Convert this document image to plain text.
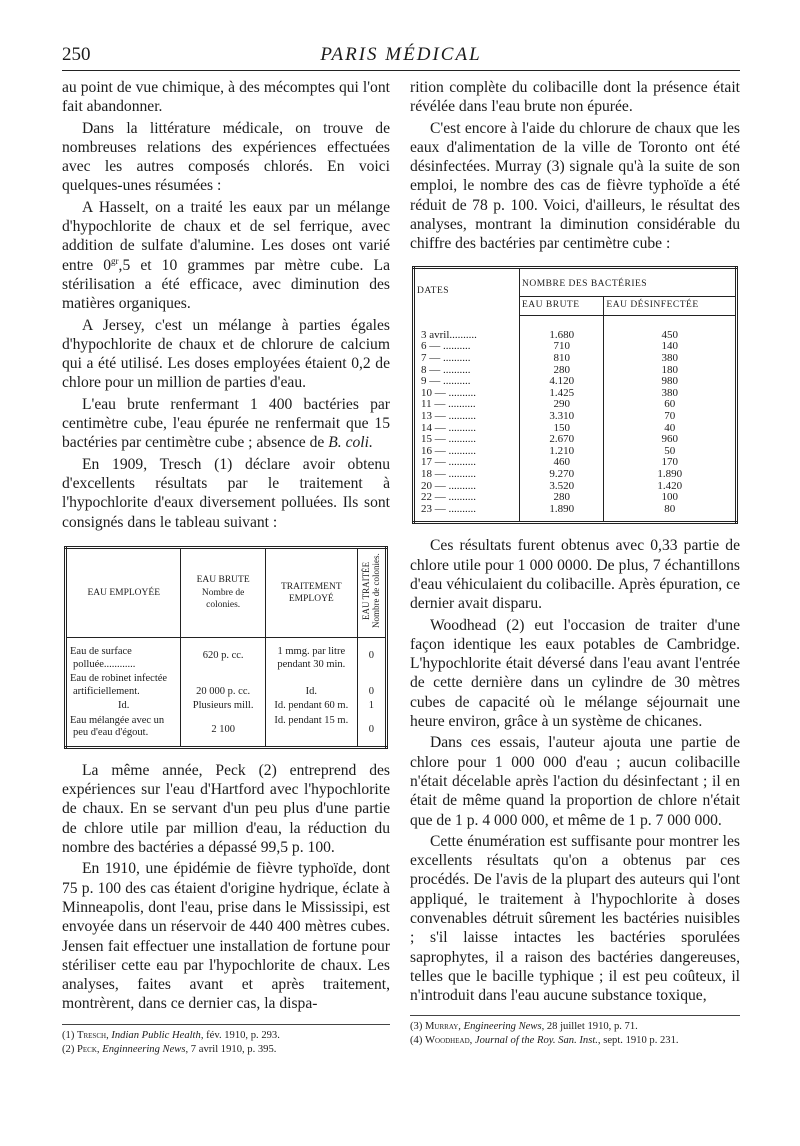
250	PARIS MÉDICAL

au point de vue chimique, à des mécomptes qui l'ont fait abandonner.

Dans la littérature médicale, on trouve de nombreuses relations des expériences effectuées avec les autres composés chlorés. En voici quelques-unes résumées :

A Hasselt, on a traité les eaux par un mélange d'hypochlorite de chaux et de sel ferrique, avec addition de sulfate d'alumine. Les doses ont varié entre $0^{gr},5$ et 10 grammes par mètre cube. La stérilisation a été efficace, avec diminution des matières organiques.

A Jersey, c'est un mélange à parties égales d'hypochlorite de chaux et de chlorure de calcium qui a été utilisé. Les doses employées étaient 0,2 de chlore pour un million de parties d'eau.

L'eau brute renfermant 1 400 bactéries par centimètre cube, l'eau épurée ne renfermait que 15 bactéries par centimètre cube ; absence de B. coli.

En 1909, Tresch (1) déclare avoir obtenu d'excellents résultats par le traitement à l'hypochlorite d'eaux diversement polluées. Ils sont consignés dans le tableau suivant :

EAU EMPLOYÉE	EAU BRUTE Nombre de colonies.	TRAITEMENT EMPLOYÉ	EAU TRAITÉE Nombre de colonies.
Eau de surface polluée............	620 p. cc.	1 mmg. par litre pendant 30 min.	0
Eau de robinet infectée artificiellement.	20 000 p. cc.	Id.	0
Id.	Plusieurs mill.	Id. pendant 60 m.	1
Eau mélangée avec un peu d'eau d'égout.	2 100	Id. pendant 15 m.	0

La même année, Peck (2) entreprend des expériences sur l'eau d'Hartford avec l'hypochlorite de chaux. En se servant d'un peu plus d'une partie de chlore utile par million d'eau, la réduction du nombre des bactéries a dépassé 99,5 p. 100.

En 1910, une épidémie de fièvre typhoïde, dont 75 p. 100 des cas étaient d'origine hydrique, éclate à Minneapolis, dont l'eau, prise dans le Mississipi, est envoyée dans un réservoir de 440 400 mètres cubes. Jensen fait effectuer une installation de fortune pour stériliser cette eau par l'hypochlorite de chaux. Les analyses, faites avant et après traitement, montrèrent, dans ce dernier cas, la dispa-

(1) Tresch, Indian Public Health, fév. 1910, p. 293.
(2) Peck, Enginneering News, 7 avril 1910, p. 395.

rition complète du colibacille dont la présence était révélée dans l'eau brute non épurée.

C'est encore à l'aide du chlorure de chaux que les eaux d'alimentation de la ville de Toronto ont été désinfectées. Murray (3) signale qu'à la suite de son emploi, le nombre des cas de fièvre typhoïde a été réduit de 78 p. 100. Voici, d'ailleurs, le résultat des analyses, montrant la diminution considérable du chiffre des bactéries par centimètre cube :

DATES	NOMBRE DES BACTÉRIES	
	EAU BRUTE	EAU DÉSINFECTÉE
3 avril..........	1.680	450
6 — ..........	710	140
7 — ..........	810	380
8 — ..........	280	180
9 — ..........	4.120	980
10 — ..........	1.425	380
11 — ..........	290	60
13 — ..........	3.310	70
14 — ..........	150	40
15 — ..........	2.670	960
16 — ..........	1.210	50
17 — ..........	460	170
18 — ..........	9.270	1.890
20 — ..........	3.520	1.420
22 — ..........	280	100
23 — ..........	1.890	80

Ces résultats furent obtenus avec 0,33 partie de chlore utile pour 1 000 0000. De plus, 7 échantillons d'eau véhiculaient du colibacille. Après épuration, ce dernier avait disparu.

Woodhead (2) eut l'occasion de traiter d'une façon identique les eaux potables de Cambridge. L'hypochlorite était déversé dans l'eau avant l'entrée de cette dernière dans un cylindre de 30 mètres cubes de capacité où le mélange séjournait une heure environ, grâce à un système de chicanes.

Dans ces essais, l'auteur ajouta une partie de chlore pour 1 000 000 d'eau ; aucun colibacille n'était décelable après l'action du désinfectant ; il en était de même quand la proportion de chlore n'était que de 1 p. 4 000 000, et même de 1 p. 7 000 000.

Cette énumération est suffisante pour montrer les excellents résultats qu'on a obtenus par ces procédés. De l'avis de la plupart des auteurs qui l'ont appliqué, le traitement à l'hypochlorite à doses convenables détruit sûrement les bactéries nuisibles ; s'il laisse intactes les bactéries sporulées saprophytes, il a raison des bactéries dangereuses, telles que le bacille typhique ; il est peu coûteux, il n'introduit dans l'eau aucune substance toxique,

(3) Murray, Engineering News, 28 juillet 1910, p. 71.
(4) Woodhead, Journal of the Roy. San. Inst., sept. 1910 p. 231.
